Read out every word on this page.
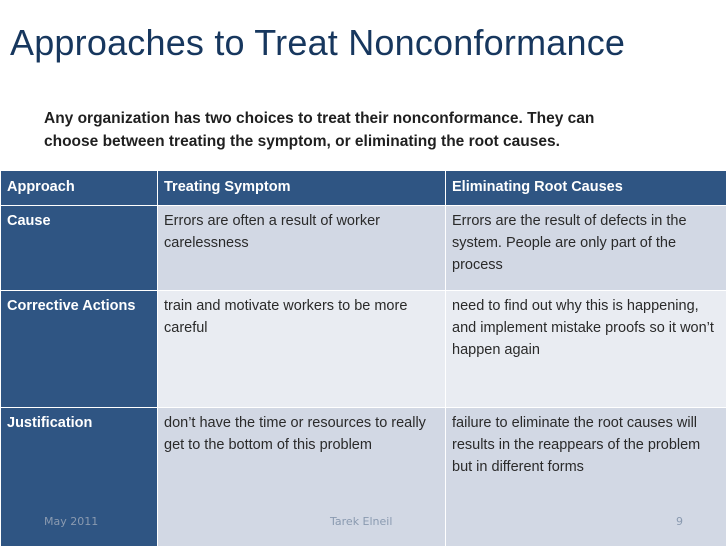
Approaches to Treat Nonconformance
Any organization has two choices to treat their nonconformance. They can
choose between treating the symptom, or eliminating the root causes.
Approach	Treating Symptom	Eliminating Root Causes
Cause	Errors are often a result of worker carelessness	Errors are the result of defects in the system. People are only part of the process
Corrective Actions	train and motivate workers to be more careful	need to find out why this is happening, and implement mistake proofs so it won’t happen again
Justification	don’t have the time or resources to really get to the bottom of this problem	failure to eliminate the root causes will results in the reappears of the problem but in different forms
May 2011	Tarek Elneil	9
